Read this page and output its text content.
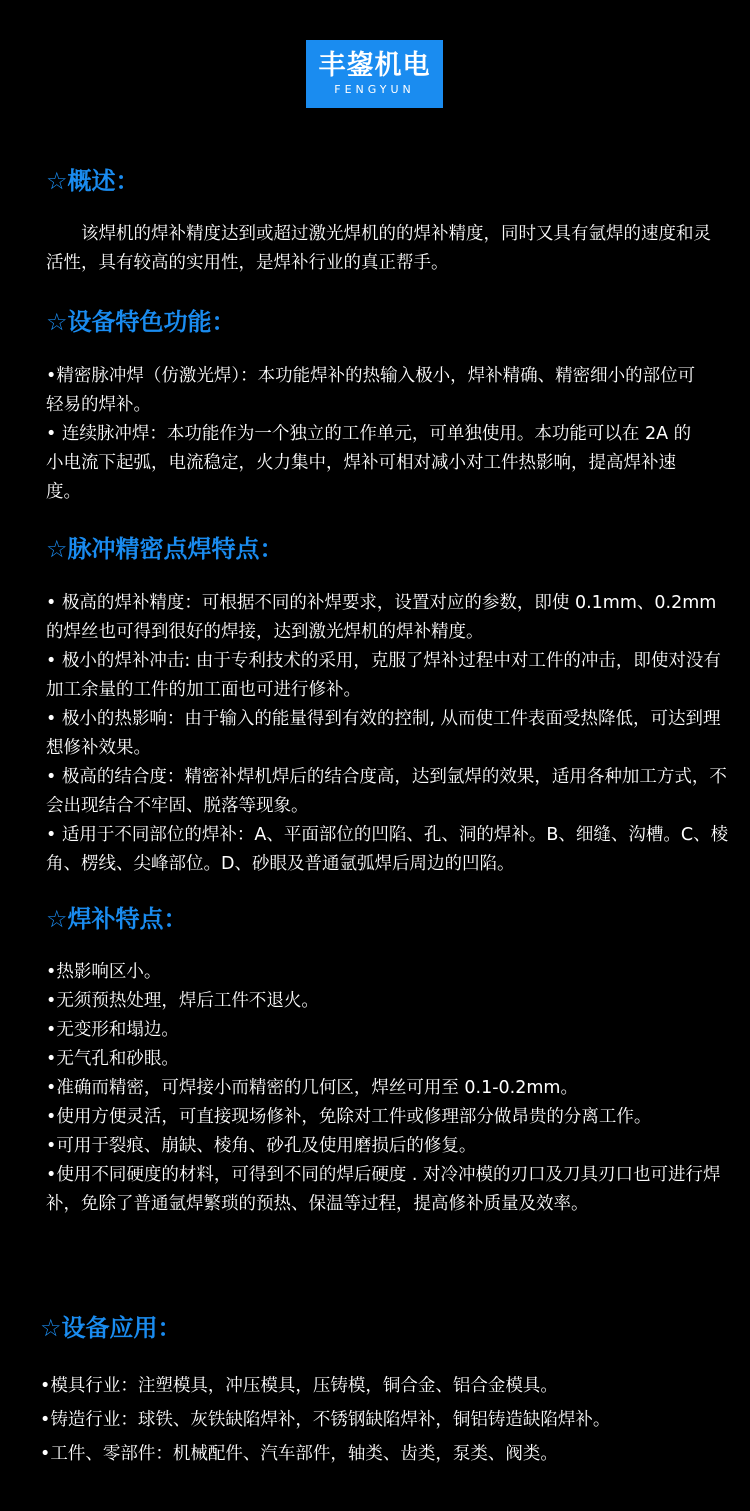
丰鋆机电
FENGYUN
☆概述：

该焊机的焊补精度达到或超过激光焊机的的焊补精度，同时又具有氩焊的速度和灵活性，具有较高的实用性，是焊补行业的真正帮手。

☆设备特色功能：

•精密脉冲焊（仿激光焊）：本功能焊补的热输入极小，焊补精确、精密细小的部位可轻易的焊补。

• 连续脉冲焊：本功能作为一个独立的工作单元，可单独使用。本功能可以在 2A 的小电流下起弧，电流稳定，火力集中，焊补可相对减小对工件热影响，提高焊补速度。

☆脉冲精密点焊特点：

• 极高的焊补精度：可根据不同的补焊要求，设置对应的参数，即使 0.1mm、0.2mm 的焊丝也可得到很好的焊接，达到激光焊机的焊补精度。

• 极小的焊补冲击: 由于专利技术的采用，克服了焊补过程中对工件的冲击，即使对没有加工余量的工件的加工面也可进行修补。

• 极小的热影响：由于输入的能量得到有效的控制, 从而使工件表面受热降低，可达到理想修补效果。

• 极高的结合度：精密补焊机焊后的结合度高，达到氩焊的效果，适用各种加工方式，不会出现结合不牢固、脱落等现象。

• 适用于不同部位的焊补：A、平面部位的凹陷、孔、洞的焊补。B、细缝、沟槽。C、棱角、楞线、尖峰部位。D、砂眼及普通氩弧焊后周边的凹陷。

☆焊补特点：

•热影响区小。

•无须预热处理，焊后工件不退火。

•无变形和塌边。

•无气孔和砂眼。

•准确而精密，可焊接小而精密的几何区，焊丝可用至 0.1-0.2mm。

•使用方便灵活，可直接现场修补，免除对工件或修理部分做昂贵的分离工作。

•可用于裂痕、崩缺、棱角、砂孔及使用磨损后的修复。

•使用不同硬度的材料，可得到不同的焊后硬度 . 对冷冲模的刃口及刀具刃口也可进行焊补，免除了普通氩焊繁琐的预热、保温等过程，提高修补质量及效率。

☆设备应用：

•模具行业：注塑模具，冲压模具，压铸模，铜合金、铝合金模具。

•铸造行业：球铁、灰铁缺陷焊补，不锈钢缺陷焊补，铜铝铸造缺陷焊补。

•工件、零部件：机械配件、汽车部件，轴类、齿类，泵类、阀类。
